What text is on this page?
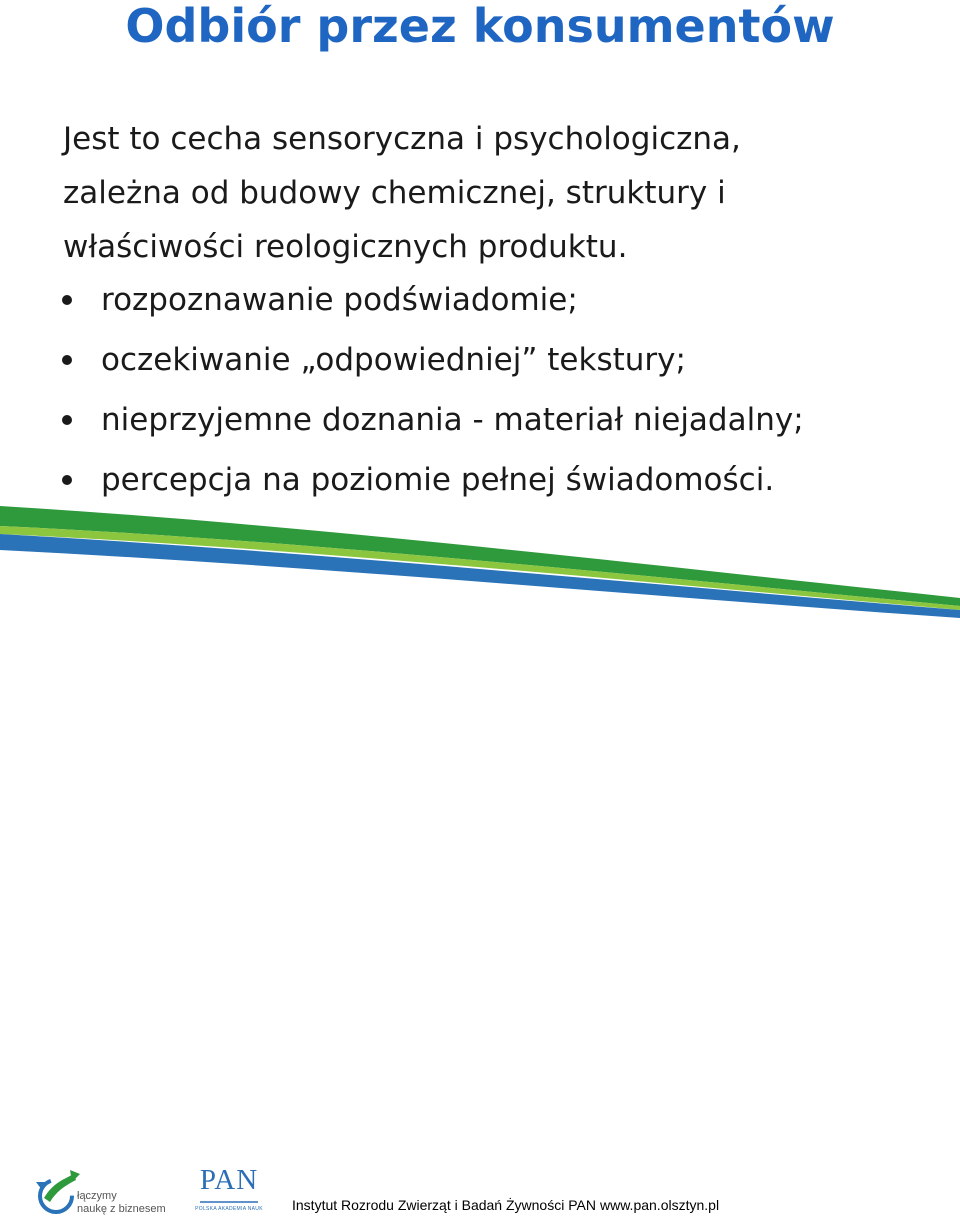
Odbiór przez konsumentów

Jest to cecha sensoryczna i psychologiczna,

zależna od budowy chemicznej, struktury i

właściwości reologicznych produktu.

rozpoznawanie podświadomie;
oczekiwanie „odpowiedniej” tekstury;
nieprzyjemne doznania - materiał niejadalny;
percepcja na poziomie pełnej świadomości.
łączymy
naukę z biznesem
PAN
POLSKA AKADEMIA NAUK Instytut Rozrodu Zwierząt i Badań Żywności PAN www.pan.olsztyn.pl
